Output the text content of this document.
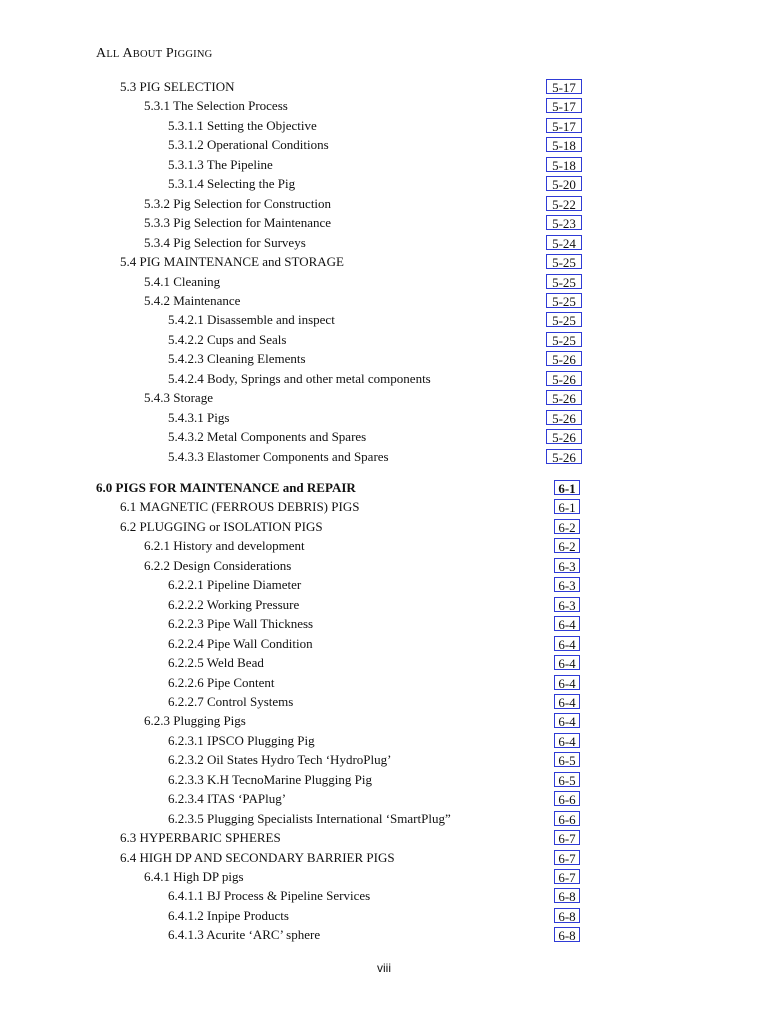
ALL ABOUT PIGGING
5.3 PIG SELECTION	5-17
5.3.1 The Selection Process	5-17
5.3.1.1 Setting the Objective	5-17
5.3.1.2 Operational Conditions	5-18
5.3.1.3 The Pipeline	5-18
5.3.1.4 Selecting the Pig	5-20
5.3.2 Pig Selection for Construction	5-22
5.3.3 Pig Selection for Maintenance	5-23
5.3.4 Pig Selection for Surveys	5-24
5.4 PIG MAINTENANCE and STORAGE	5-25
5.4.1 Cleaning	5-25
5.4.2 Maintenance	5-25
5.4.2.1 Disassemble and inspect	5-25
5.4.2.2 Cups and Seals	5-25
5.4.2.3 Cleaning Elements	5-26
5.4.2.4 Body, Springs and other metal components	5-26
5.4.3 Storage	5-26
5.4.3.1 Pigs	5-26
5.4.3.2 Metal Components and Spares	5-26
5.4.3.3 Elastomer Components and Spares	5-26
6.0 PIGS FOR MAINTENANCE and REPAIR	6-1
6.1 MAGNETIC (FERROUS DEBRIS) PIGS	6-1
6.2 PLUGGING or ISOLATION PIGS	6-2
6.2.1 History and development	6-2
6.2.2 Design Considerations	6-3
6.2.2.1 Pipeline Diameter	6-3
6.2.2.2 Working Pressure	6-3
6.2.2.3 Pipe Wall Thickness	6-4
6.2.2.4 Pipe Wall Condition	6-4
6.2.2.5 Weld Bead	6-4
6.2.2.6 Pipe Content	6-4
6.2.2.7 Control Systems	6-4
6.2.3 Plugging Pigs	6-4
6.2.3.1 IPSCO Plugging Pig	6-4
6.2.3.2 Oil States Hydro Tech ‘HydroPlug’	6-5
6.2.3.3 K.H TecnoMarine Plugging Pig	6-5
6.2.3.4 ITAS ‘PAPlug’	6-6
6.2.3.5 Plugging Specialists International ‘SmartPlug”	6-6
6.3 HYPERBARIC SPHERES	6-7
6.4 HIGH DP AND SECONDARY BARRIER PIGS	6-7
6.4.1 High DP pigs	6-7
6.4.1.1 BJ Process & Pipeline Services	6-8
6.4.1.2 Inpipe Products	6-8
6.4.1.3 Acurite ‘ARC’ sphere	6-8
viii
